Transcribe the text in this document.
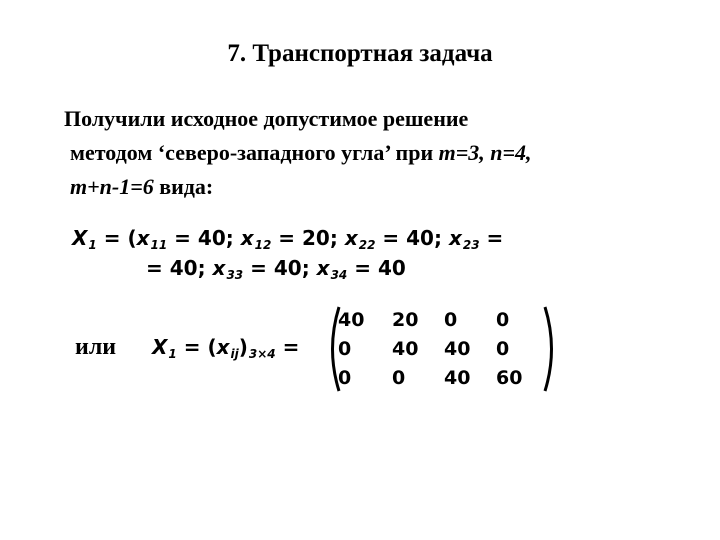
7. Транспортная задача
Получили исходное допустимое решение
методом ‘северо-западного угла’ при m=3, n=4,
m+n-1=6 вида:
$X_1 = (x_{11} = 40$; $x_{12} = 20$; $x_{22} = 40$; $x_{23}$ =
= 40; $x_{33} = 40$; $x_{34} = 40$
или $X_1 = (x_{ij})_{3\times 4}$ =
40	20	0	0
0	40	40	0
0	0	40	60
